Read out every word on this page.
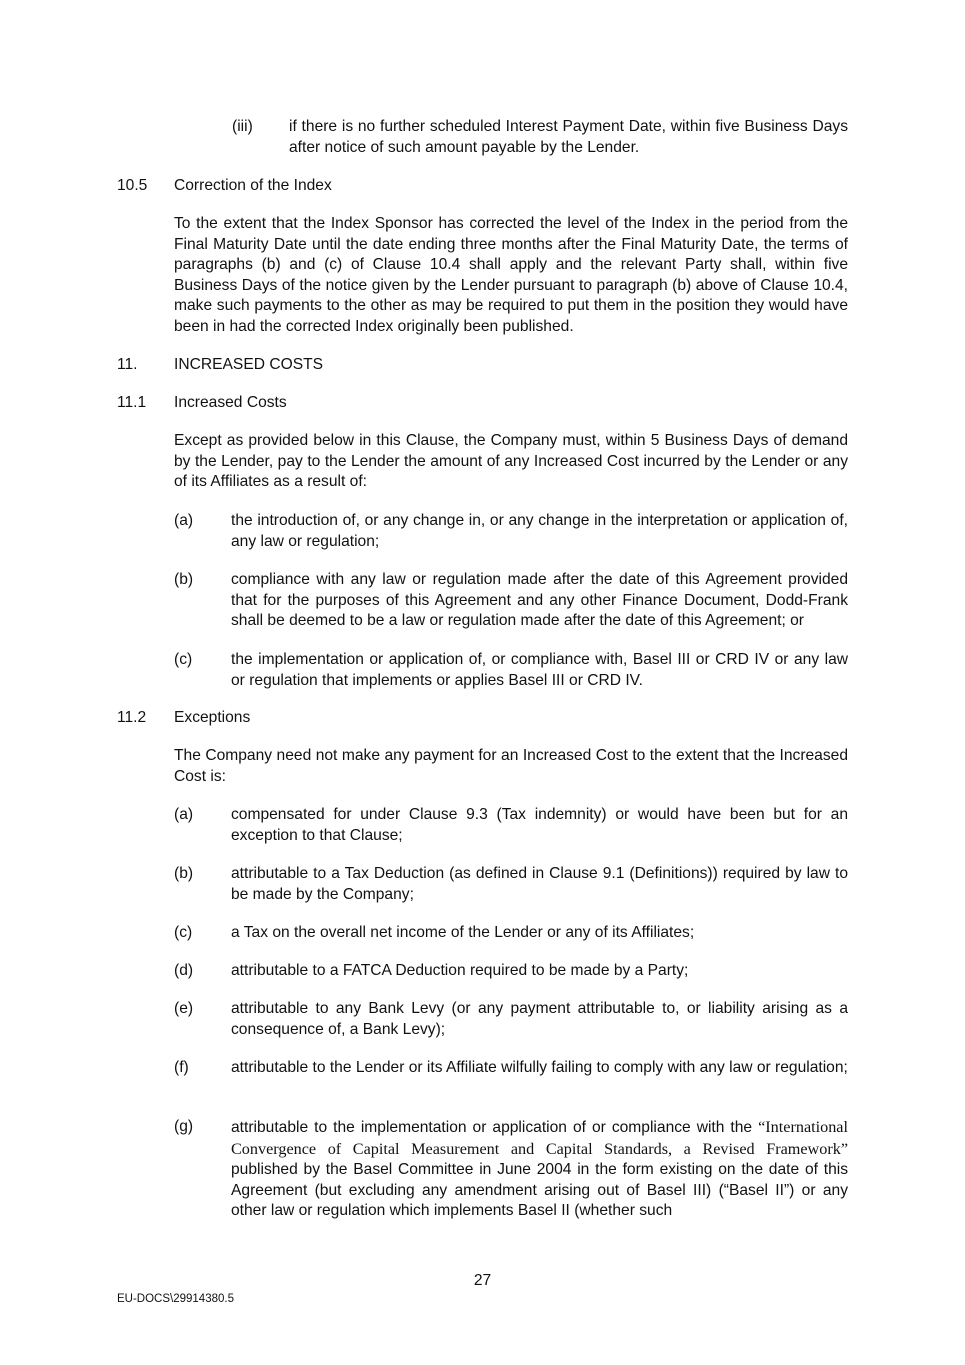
(iii) if there is no further scheduled Interest Payment Date, within five Business Days after notice of such amount payable by the Lender.

10.5 Correction of the Index

To the extent that the Index Sponsor has corrected the level of the Index in the period from the Final Maturity Date until the date ending three months after the Final Maturity Date, the terms of paragraphs (b) and (c) of Clause 10.4 shall apply and the relevant Party shall, within five Business Days of the notice given by the Lender pursuant to paragraph (b) above of Clause 10.4, make such payments to the other as may be required to put them in the position they would have been in had the corrected Index originally been published.

11. INCREASED COSTS
11.1 Increased Costs

Except as provided below in this Clause, the Company must, within 5 Business Days of demand by the Lender, pay to the Lender the amount of any Increased Cost incurred by the Lender or any of its Affiliates as a result of:

(a) the introduction of, or any change in, or any change in the interpretation or application of, any law or regulation;

(b) compliance with any law or regulation made after the date of this Agreement provided that for the purposes of this Agreement and any other Finance Document, Dodd-Frank shall be deemed to be a law or regulation made after the date of this Agreement; or

(c) the implementation or application of, or compliance with, Basel III or CRD IV or any law or regulation that implements or applies Basel III or CRD IV.

11.2 Exceptions

The Company need not make any payment for an Increased Cost to the extent that the Increased Cost is:

(a) compensated for under Clause 9.3 (Tax indemnity) or would have been but for an exception to that Clause;

(b) attributable to a Tax Deduction (as defined in Clause 9.1 (Definitions)) required by law to be made by the Company;

(c) a Tax on the overall net income of the Lender or any of its Affiliates;

(d) attributable to a FATCA Deduction required to be made by a Party;

(e) attributable to any Bank Levy (or any payment attributable to, or liability arising as a consequence of, a Bank Levy);

(f)	attributable to the Lender or its Affiliate wilfully failing to comply with any law or regulation;

(g) attributable to the implementation or application of or compliance with the “International Convergence of Capital Measurement and Capital Standards, a Revised Framework” published by the Basel Committee in June 2004 in the form existing on the date of this Agreement (but excluding any amendment arising out of Basel III) (“Basel II”) or any other law or regulation which implements Basel II (whether such

27
EU-DOCS\29914380.5
